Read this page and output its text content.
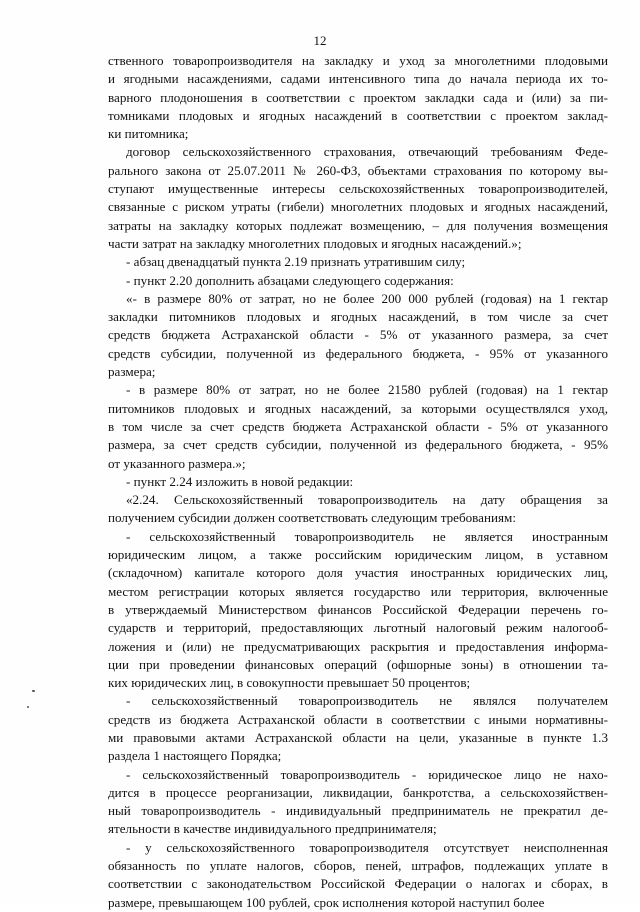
12

ственного товаропроизводителя на закладку и уход за многолетними плодовыми

и ягодными насаждениями, садами интенсивного типа до начала периода их то-

варного плодоношения в соответствии с проектом закладки сада и (или) за пи-

томниками плодовых и ягодных насаждений в соответствии с проектом заклад-

ки питомника;

договор сельскохозяйственного страхования, отвечающий требованиям Феде-

рального закона от 25.07.2011 № 260-ФЗ, объектами страхования по которому вы-

ступают имущественные интересы сельскохозяйственных товаропроизводителей,

связанные с риском утраты (гибели) многолетних плодовых и ягодных насаждений,

затраты на закладку которых подлежат возмещению, – для получения возмещения

части затрат на закладку многолетних плодовых и ягодных насаждений.»;

- абзац двенадцатый пункта 2.19 признать утратившим силу;

- пункт 2.20 дополнить абзацами следующего содержания:

«- в размере 80% от затрат, но не более 200 000 рублей (годовая) на 1 гектар

закладки питомников плодовых и ягодных насаждений, в том числе за счет

средств бюджета Астраханской области - 5% от указанного размера, за счет

средств субсидии, полученной из федерального бюджета, - 95% от указанного

размера;

- в размере 80% от затрат, но не более 21580 рублей (годовая) на 1 гектар

питомников плодовых и ягодных насаждений, за которыми осуществлялся уход,

в том числе за счет средств бюджета Астраханской области - 5% от указанного

размера, за счет средств субсидии, полученной из федерального бюджета, - 95%

от указанного размера.»;

- пункт 2.24 изложить в новой редакции:

«2.24. Сельскохозяйственный товаропроизводитель на дату обращения за

получением субсидии должен соответствовать следующим требованиям:

- сельскохозяйственный товаропроизводитель не является иностранным

юридическим лицом, а также российским юридическим лицом, в уставном

(складочном) капитале которого доля участия иностранных юридических лиц,

местом регистрации которых является государство или территория, включенные

в утверждаемый Министерством финансов Российской Федерации перечень го-

сударств и территорий, предоставляющих льготный налоговый режим налогооб-

ложения и (или) не предусматривающих раскрытия и предоставления информа-

ции при проведении финансовых операций (офшорные зоны) в отношении та-

ких юридических лиц, в совокупности превышает 50 процентов;

- сельскохозяйственный товаропроизводитель не являлся получателем

средств из бюджета Астраханской области в соответствии с иными нормативны-

ми правовыми актами Астраханской области на цели, указанные в пункте 1.3

раздела 1 настоящего Порядка;

- сельскохозяйственный товаропроизводитель - юридическое лицо не нахо-

дится в процессе реорганизации, ликвидации, банкротства, а сельскохозяйствен-

ный товаропроизводитель - индивидуальный предприниматель не прекратил де-

ятельности в качестве индивидуального предпринимателя;

- у сельскохозяйственного товаропроизводителя отсутствует неисполненная

обязанность по уплате налогов, сборов, пеней, штрафов, подлежащих уплате в

соответствии с законодательством Российской Федерации о налогах и сборах, в

размере, превышающем 100 рублей, срок исполнения которой наступил более
